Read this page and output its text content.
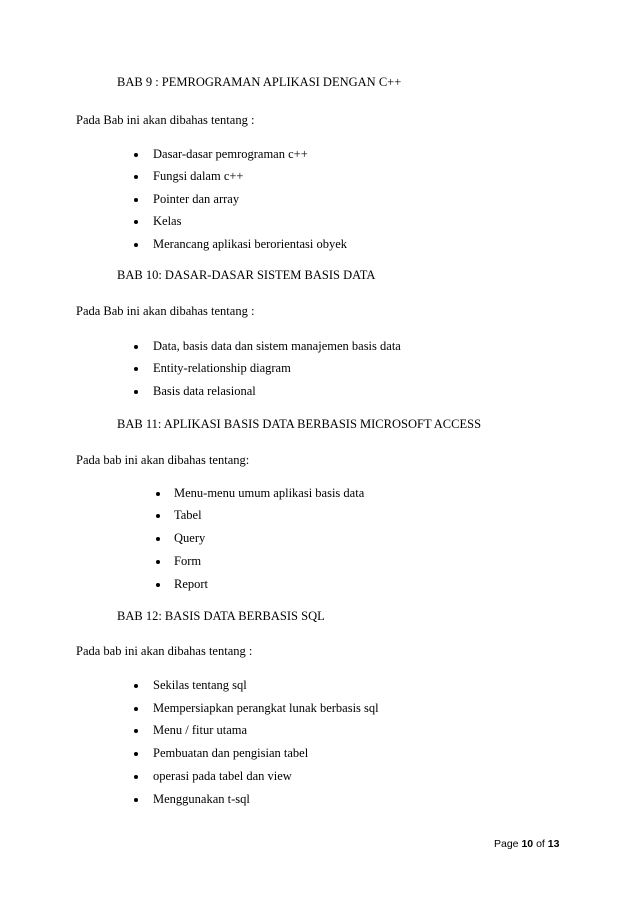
BAB 9 : PEMROGRAMAN APLIKASI DENGAN C++
Pada Bab ini akan dibahas tentang :
Dasar-dasar pemrograman c++
Fungsi dalam c++
Pointer dan array
Kelas
Merancang aplikasi berorientasi obyek
BAB 10: DASAR-DASAR SISTEM BASIS DATA
Pada Bab ini akan dibahas tentang :
Data, basis data dan sistem manajemen basis data
Entity-relationship diagram
Basis data relasional
BAB 11: APLIKASI BASIS DATA BERBASIS MICROSOFT ACCESS
Pada bab ini akan dibahas tentang:
Menu-menu umum aplikasi basis data
Tabel
Query
Form
Report
BAB 12: BASIS DATA BERBASIS SQL
Pada bab ini akan dibahas tentang :
Sekilas tentang sql
Mempersiapkan perangkat lunak berbasis sql
Menu / fitur utama
Pembuatan dan pengisian tabel
operasi pada tabel dan view
Menggunakan t-sql
Page 10 of 13
